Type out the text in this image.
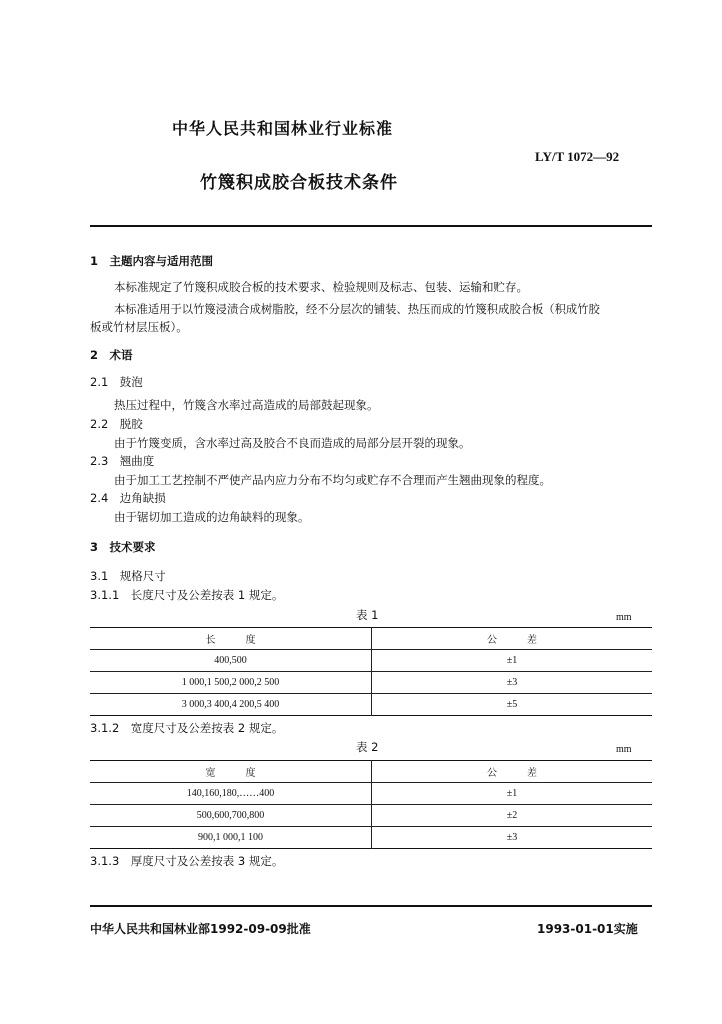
中华人民共和国林业行业标准
LY/T 1072—92
竹篾积成胶合板技术条件
1　主题内容与适用范围
本标准规定了竹篾积成胶合板的技术要求、检验规则及标志、包装、运输和贮存。
本标准适用于以竹篾浸渍合成树脂胶，经不分层次的铺装、热压而成的竹篾积成胶合板（积成竹胶
板或竹材层压板）。
2　术语
2.1　鼓泡
热压过程中，竹篾含水率过高造成的局部鼓起现象。
2.2　脱胶
由于竹篾变质，含水率过高及胶合不良而造成的局部分层开裂的现象。
2.3　翘曲度
由于加工工艺控制不严使产品内应力分布不均匀或贮存不合理而产生翘曲现象的程度。
2.4　边角缺损
由于锯切加工造成的边角缺料的现象。
3　技术要求
3.1　规格尺寸
3.1.1　长度尺寸及公差按表 1 规定。
表 1	mm
长　　　度	公　　　差
400,500	±1
1 000,1 500,2 000,2 500	±3
3 000,3 400,4 200,5 400	±5
3.1.2　宽度尺寸及公差按表 2 规定。
表 2	mm
宽　　　度	公　　　差
140,160,180,……400	±1
500,600,700,800	±2
900,1 000,1 100	±3
3.1.3　厚度尺寸及公差按表 3 规定。
中华人民共和国林业部1992-09-09批准	1993-01-01实施
